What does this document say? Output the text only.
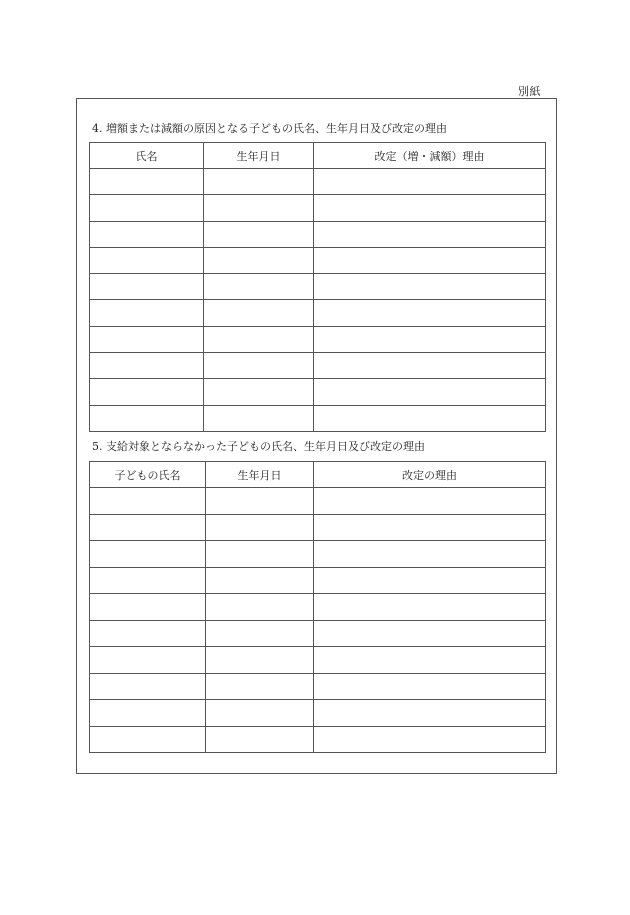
別紙
4. 増額または減額の原因となる子どもの氏名、生年月日及び改定の理由
氏名	生年月日	改定（増・減額）理由

5. 支給対象とならなかった子どもの氏名、生年月日及び改定の理由
子どもの氏名	生年月日	改定の理由
